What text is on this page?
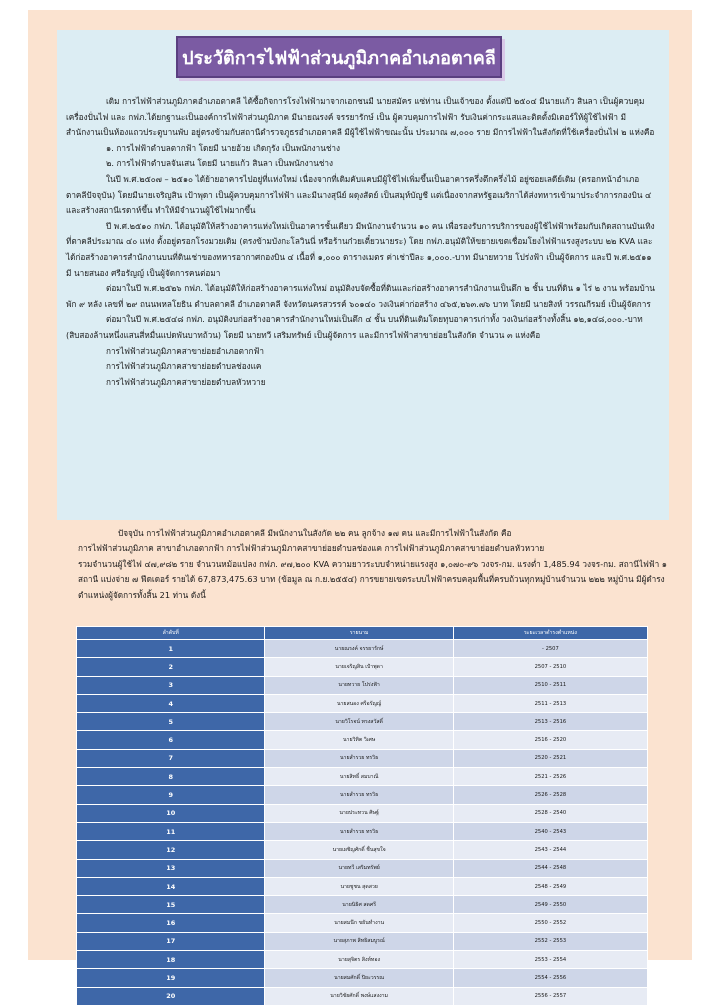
ประวัติการไฟฟ้าส่วนภูมิภาคอำเภอตาคลี

เดิม การไฟฟ้าส่วนภูมิภาคอำเภอตาคลี ได้ซื้อกิจการโรงไฟฟ้ามาจากเอกชนมี นายสมัคร แซ่ห่าน เป็นเจ้าของ ตั้งแต่ปี ๒๕๐๔ มีนายแก้ว สินลา เป็นผู้ควบคุมเครื่องปั่นไฟ และ กฟภ.ได้ยกฐานะเป็นองค์การไฟฟ้าส่วนภูมิภาค มีนายณรงค์ จรรยารักษ์ เป็น ผู้ควบคุมการไฟฟ้า รับเงินค่ากระแสและติดตั้งมิเตอร์ให้ผู้ใช้ไฟฟ้า มีสำนักงานเป็นห้องแถวประตูบานพับ อยู่ตรงข้ามกับสถานีตำรวจภูธรอำเภอตาคลี มีผู้ใช้ไฟฟ้าขณะนั้น ประมาณ ๗,๐๐๐ ราย มีการไฟฟ้าในสังกัดที่ใช้เครื่องปั่นไฟ ๒ แห่งคือ

๑. การไฟฟ้าตำบลตากฟ้า โดยมี นายอ้วย เกิดกุรัง เป็นพนักงานช่าง

๒. การไฟฟ้าตำบลจันเสน โดยมี นายแก้ว สินลา เป็นพนักงานช่าง

ในปี พ.ศ.๒๕๐๗ – ๒๕๑๐ ได้ย้ายอาคารไปอยู่ที่แห่งใหม่ เนื่องจากที่เดิมคับแคบมีผู้ใช้ไฟเพิ่มขึ้นเป็นอาคารครึ่งตึกครึ่งไม้ อยู่ซอยเลดีย์เดิม (ตรอกหน้าอำเภอตาคลีปัจจุบัน) โดยมีนายเจริญสิน เป้าพุดา เป็นผู้ควบคุมการไฟฟ้า และมีนางสุนีย์ ผดุงสัตย์ เป็นสมุห์บัญชี แต่เนื่องจากสหรัฐอเมริกาได้ส่งทหารเข้ามาประจำการกองบิน ๔ และสร้างสถานีเรดาห์ขึ้น ทำให้มีจำนวนผู้ใช้ไฟมากขึ้น

ปี พ.ศ.๒๕๑๐ กฟภ. ได้อนุมัติให้สร้างอาคารแห่งใหม่เป็นอาคารชั้นเดียว มีพนักงานจำนวน ๑๐ คน เพื่อรองรับการบริการของผู้ใช้ไฟฟ้าพร้อมกับเกิดสถานบันเทิงที่ตาคลีประมาณ ๔๐ แห่ง ตั้งอยู่ตรอกโรงมวยเดิม (ตรงข้ามบังกะโลวินนี่ หรือร้านก๋วยเตี๋ยวนายระ) โดย กฟภ.อนุมัติให้ขยายเขตเชื่อมโยงไฟฟ้าแรงสูงระบบ ๒๒ KVA และได้ก่อสร้างอาคารสำนักงานบนที่ดินเช่าของทหารอากาศกองบิน ๔ เนื้อที่ ๑,๐๐๐ ตารางเมตร ค่าเช่าปีละ ๑,๐๐๐.-บาท มีนายทวาย โปร่งฟ้า เป็นผู้จัดการ และปี พ.ศ.๒๕๑๑ มี นายสนอง ศรีอรัญญ์ เป็นผู้จัดการคนต่อมา

ต่อมาในปี พ.ศ.๒๕๒๖ กฟภ. ได้อนุมัติให้ก่อสร้างอาคารแห่งใหม่ อนุมัติงบจัดซื้อที่ดินและก่อสร้างอาคารสำนักงานเป็นตึก ๒ ชั้น บนที่ดิน ๑ ไร่ ๒ งาน พร้อมบ้านพัก ๙ หลัง เลขที่ ๒๙ ถนนพหลโยธิน ตำบลตาคลี อำเภอตาคลี จังหวัดนครสวรรค์ ๖๐๑๔๐ วงเงินค่าก่อสร้าง ๔๖๕,๒๖๓.๗๖ บาท โดยมี นายสิงห์ วรรณกีรมย์ เป็นผู้จัดการ

ต่อมาในปี พ.ศ.๒๕๔๘ กฟภ. อนุมัติงบก่อสร้างอาคารสำนักงานใหม่เป็นตึก ๔ ชั้น บนที่ดินเดิมโดยทุบอาคารเก่าทั้ง วงเงินก่อสร้างทั้งสิ้น ๑๒,๑๔๘,๐๐๐.-บาท (สิบสองล้านหนึ่งแสนสี่หมื่นแปดพันบาทถ้วน) โดยมี นายทวี เสริมทรัพย์ เป็นผู้จัดการ และมีการไฟฟ้าสาขาย่อยในสังกัด จำนวน ๓ แห่งคือ

การไฟฟ้าส่วนภูมิภาคสาขาย่อยอำเภอตากฟ้า

การไฟฟ้าส่วนภูมิภาคสาขาย่อยตำบลช่องแค

การไฟฟ้าส่วนภูมิภาคสาขาย่อยตำบลหัวหวาย

ปัจจุบัน การไฟฟ้าส่วนภูมิภาคอำเภอตาคลี มีพนักงานในสังกัด ๒๒ คน ลูกจ้าง ๑๗ คน และมีการไฟฟ้าในสังกัด คือ

การไฟฟ้าส่วนภูมิภาค สาขาอำเภอตากฟ้า การไฟฟ้าส่วนภูมิภาคสาขาย่อยตำบลช่องแค การไฟฟ้าส่วนภูมิภาคสาขาย่อยตำบลหัวหวาย

รวมจำนวนผู้ใช้ไฟ ๔๗,๙๘๒ ราย จำนวนหม้อแปลง กฟภ. ๙๗,๒๐๐ KVA ความยาวระบบจำหน่ายแรงสูง ๑,๐๗๐-๙๖ วงจร-กม. แรงต่ำ 1,485.94 วงจร-กม. สถานีไฟฟ้า ๑ สถานี แบ่งจ่าย ๗ ฟีดเดอร์ รายได้ 67,873,475.63 บาท (ข้อมูล ณ ก.ย.๒๕๕๔) การขยายเขตระบบไฟฟ้าครบคลุมพื้นที่ครบถ้วนทุกหมู่บ้านจำนวน ๒๒๒ หมู่บ้าน มีผู้ดำรงตำแหน่งผู้จัดการทั้งสิ้น 21 ท่าน ดังนี้

ลำดับที่	รายนาม	ระยะเวลาดำรงตำแหน่ง
1	นายณรงค์ จรรยารักษ์	- 2507
2	นายเจริญสิน เป้าพุดา	2507 - 2510
3	นายทวาย โปร่งฟ้า	2510 - 2511
4	นายสนอง ศรีอรัญญ์	2511 - 2513
5	นายวิโรจน์ ทรงสวัสดิ์	2513 - 2516
6	นายวิทิต วิเศษ	2516 - 2520
7	นายสำรวย ทรวิธ	2520 - 2521
8	นายสิทธิ์ สมบาณี	2521 - 2526
9	นายสำรวย ทรวิธ	2526 - 2528
10	นายประทวน ศิษฐ์	2528 - 2540
11	นายสำรวย ทรวิธ	2540 - 2543
12	นายเผชิญศักดิ์ ชื่นสุขใจ	2543 - 2544
13	นายทวี เสริมทรัพย์	2544 - 2548
14	นายชูชน สุดสวย	2548 - 2549
15	นายนิธิศ สดศรี	2549 - 2550
16	นายสมนึก ขยันทำงาน	2550 - 2552
17	นายสุภาพ สิทธิสมบูรณ์	2552 - 2553
18	นายสุจิตร สิงห์ทอง	2553 - 2554
19	นายสมศักดิ์ ปิยะวรรณ	2554 - 2556
20	นายวิชัยศักดิ์ พงษ์แสงงาม	2556 - 2557
